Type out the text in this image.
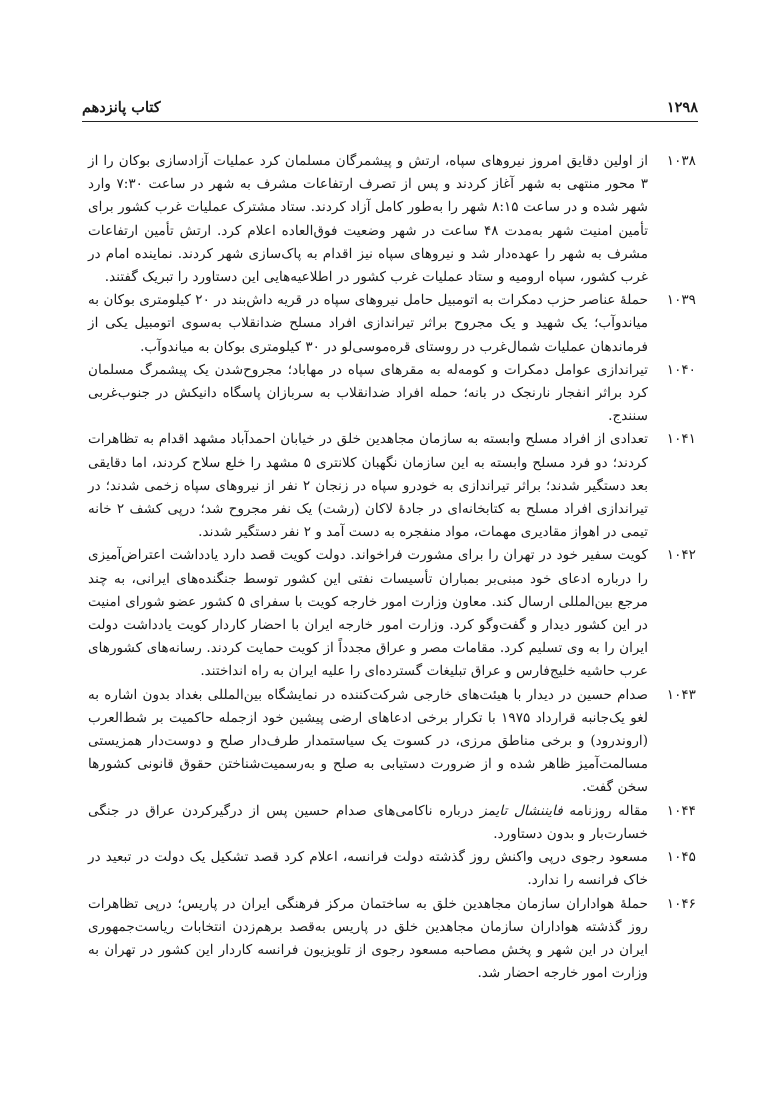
۱۲۹۸
کتاب پانزدهم
۱۰۳۸
از اولین دقایق امروز نیروهای سپاه، ارتش و پیشمرگان مسلمان کرد عملیات آزادسازی بوکان را از ۳ محور منتهی به شهر آغاز کردند و پس از تصرف ارتفاعات مشرف به شهر در ساعت ۷:۳۰ وارد شهر شده و در ساعت ۸:۱۵ شهر را به‌طور کامل آزاد کردند. ستاد مشترک عملیات غرب کشور برای تأمین امنیت شهر به‌مدت ۴۸ ساعت در شهر وضعیت فوق‌العاده اعلام کرد. ارتش تأمین ارتفاعات مشرف به شهر را عهده‌دار شد و نیروهای سپاه نیز اقدام به پاک‌سازی شهر کردند. نماینده امام در غرب کشور، سپاه ارومیه و ستاد عملیات غرب کشور در اطلاعیه‌هایی این دستاورد را تبریک گفتند.
۱۰۳۹
حملهٔ عناصر حزب دمکرات به اتومبیل حامل نیروهای سپاه در قریه داش‌بند در ۲۰ کیلومتری بوکان به میاندوآب؛ یک شهید و یک مجروح براثر تیراندازی افراد مسلح ضدانقلاب به‌سوی اتومبیل یکی از فرماندهان عملیات شمال‌غرب در روستای قره‌موسی‌لو در ۳۰ کیلومتری بوکان به میاندوآب.
۱۰۴۰
تیراندازی عوامل دمکرات و کومه‌له به مقرهای سپاه در مهاباد؛ مجروح‌شدن یک پیشمرگ مسلمان کرد براثر انفجار نارنجک در بانه؛ حمله افراد ضدانقلاب به سربازان پاسگاه دانیکش در جنوب‌غربی سنندج.
۱۰۴۱
تعدادی از افراد مسلح وابسته به سازمان مجاهدین خلق در خیابان احمدآباد مشهد اقدام به تظاهرات کردند؛ دو فرد مسلح وابسته به این سازمان نگهبان کلانتری ۵ مشهد را خلع سلاح کردند، اما دقایقی بعد دستگیر شدند؛ براثر تیراندازی به خودرو سپاه در زنجان ۲ نفر از نیروهای سپاه زخمی شدند؛ در تیراندازی افراد مسلح به کتابخانه‌ای در جادهٔ لاکان (رشت) یک نفر مجروح شد؛ درپی کشف ۲ خانه تیمی در اهواز مقادیری مهمات، مواد منفجره به دست آمد و ۲ نفر دستگیر شدند.
۱۰۴۲
کویت سفیر خود در تهران را برای مشورت فراخواند. دولت کویت قصد دارد یادداشت اعتراض‌آمیزی را درباره ادعای خود مبنی‌بر بمباران تأسیسات نفتی این کشور توسط جنگنده‌های ایرانی، به چند مرجع بین‌المللی ارسال کند. معاون وزارت امور خارجه کویت با سفرای ۵ کشور عضو شورای امنیت در این کشور دیدار و گفت‌وگو کرد. وزارت امور خارجه ایران با احضار کاردار کویت یادداشت دولت ایران را به وی تسلیم کرد. مقامات مصر و عراق مجدداً از کویت حمایت کردند. رسانه‌های کشورهای عرب حاشیه خلیج‌فارس و عراق تبلیغات گسترده‌ای را علیه ایران به راه انداختند.
۱۰۴۳
صدام حسین در دیدار با هیئت‌های خارجی شرکت‌کننده در نمایشگاه بین‌المللی بغداد بدون اشاره به لغو یک‌جانبه قرارداد ۱۹۷۵ با تکرار برخی ادعاهای ارضی پیشین خود ازجمله حاکمیت بر شط‌العرب (اروندرود) و برخی مناطق مرزی، در کسوت یک سیاستمدار طرف‌دار صلح و دوست‌دار همزیستی مسالمت‌آمیز ظاهر شده و از ضرورت دستیابی به صلح و به‌رسمیت‌شناختن حقوق قانونی کشورها سخن گفت.
۱۰۴۴
مقاله روزنامه فایننشال تایمز درباره ناکامی‌های صدام حسین پس از درگیرکردن عراق در جنگی خسارت‌بار و بدون دستاورد.
۱۰۴۵
مسعود رجوی درپی واکنش روز گذشته دولت فرانسه، اعلام کرد قصد تشکیل یک دولت در تبعید در خاک فرانسه را ندارد.
۱۰۴۶
حملهٔ هواداران سازمان مجاهدین خلق به ساختمان مرکز فرهنگی ایران در پاریس؛ درپی تظاهرات روز گذشته هواداران سازمان مجاهدین خلق در پاریس به‌قصد برهم‌زدن انتخابات ریاست‌جمهوری ایران در این شهر و پخش مصاحبه مسعود رجوی از تلویزیون فرانسه کاردار این کشور در تهران به وزارت امور خارجه احضار شد.
